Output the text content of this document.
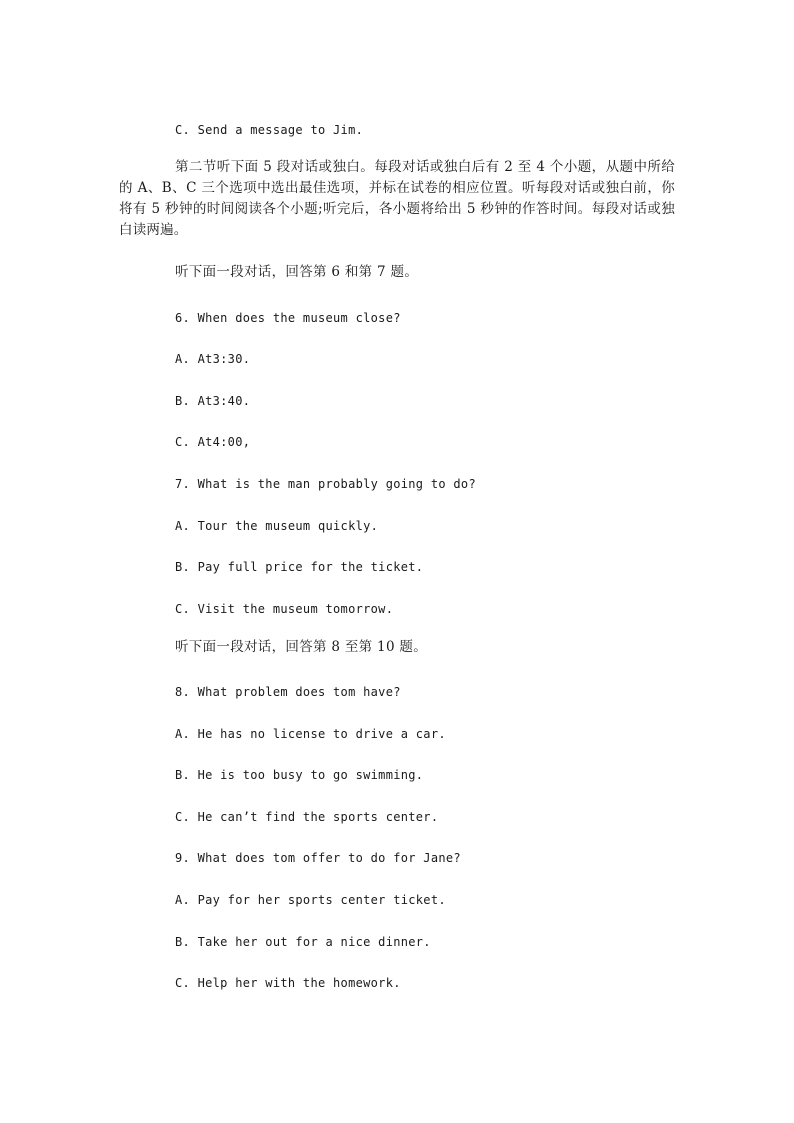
C. Send a message to Jim.
第二节听下面 5 段对话或独白。每段对话或独白后有 2 至 4 个小题，从题中所给的 A、B、C 三个选项中选出最佳选项，并标在试卷的相应位置。听每段对话或独白前，你将有 5 秒钟的时间阅读各个小题;听完后，各小题将给出 5 秒钟的作答时间。每段对话或独白读两遍。
听下面一段对话，回答第 6 和第 7 题。
6. When does the museum close?
A. At3:30.
B. At3:40.
C. At4:00,
7. What is the man probably going to do?
A. Tour the museum quickly.
B. Pay full price for the ticket.
C. Visit the museum tomorrow.
听下面一段对话，回答第 8 至第 10 题。
8. What problem does tom have?
A. He has no license to drive a car.
B. He is too busy to go swimming.
C. He can’t find the sports center.
9. What does tom offer to do for Jane?
A. Pay for her sports center ticket.
B. Take her out for a nice dinner.
C. Help her with the homework.
